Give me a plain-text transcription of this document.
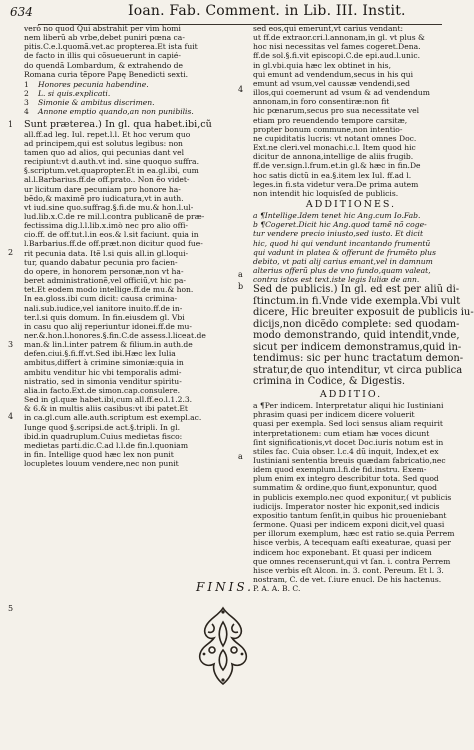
634	Ioan. Fab. Comment. in Lib. III. Instit.
verò no quod Qui abstrahit per vim homi
nem liberũ ab vrbe,debet puniri pœna ca-
pitis.C.e.l.quomã.vet.ac propterea.Et ista fuit
de facto in illis qui cõsueuerunt in capié-
do quendã Lombardum, & extrahendo de
Romana curia tẽpore Papę Benedicti sexti.
1 Honores pecunia habendine.
2 L. si quis.explicati.
3 Simonie & ambitus discrimen.
4 Annone emptio quando,an non punibilis.
Sunt præterea.) In gl. qua habet.ibi,cũ
all.ff.ad leg. Iul. repet.l.l. Et hoc verum quo
ad principem,qui est solutus legibus: non
tamen quo ad alios, qui pecunias dant vel
recipiunt:vt d.auth.vt ind. sine quoquo suffra.
§.scriptum.vet.quapropter.Et in ea.gl.ibi, cum
al.l.Barbarius.ff.de off.prato.. Non ẽo videt-
ur licitum dare pecuniam pro honore ha-
bẽdo,& maximẽ pro iudicatura,vt in auth.
vt iud.sine quo.suffrag.§.fi.de mu.& hon.l.ul-
lud.lib.x.C.de re mil.l.contra publicanẽ de præ-
fectissima dig.l.l.lib.x.imò nec pro alio offi-
cio.ff. de off.tut.l.in eos.& l.sit faciunt. quia in
l.Barbarius.ff.de off.præt.non dicitur quod fue-
rit pecunia data. Itẽ l.si quis all.in gl.loqui-
tur, quando dabatur pecunia pro facien-
do opere, in honorem personæ,non vt ha-
beret administrationẽ,vel officiũ,vt hic pa-
tet.Et eodem modo intellige.ff.de mu.& hon.
In ea.gloss.ibi cum dicit: causa crimina-
nali.sub.iudice,vel ianitore inuito.ff.de in-
ter.l.si quis domum. In fin.eiusdem gl. Vbi
in casu quo alij reperiuntur idonei.ff.de mu-
ner.&.hon.l.honores.§.fin.C.de assess.l.liceat.de
man.& lin.l.inter patrem & filium.in auth.de
defen.ciui.§.fi.ff.vt.Sed ibi.Hæc lex Iulia
ambitus,differt à crimine simoniæ:quia in
ambitu venditur hic vbi temporalis admi-
nistratio, sed in simonia venditur spiritu-
alia.in facto.Ext.de simon.cap.consulere.
Sed in gl.quæ habet.ibi,cum all.ff.eo.l.1.2.3.
& 6.& in multis aliis casibus:vt ibi patet.Et
in ca.gl.cum alle.auth.scriptum est exempl.ac.
Iunge quod §.scripsi.de act.§.tripli. In gl.
ibid.in quadruplum.Cuius medietas fisco:
medietas parti.dic.C.ad l.l.de fin.l.quoniam
in fin. Intellige quod hæc lex non punit
locupletes louum vendere,nec non punit
sed eos,qui emerunt,vt carius vendant:
ut ff.de extraor.cri.l.annonam,in gl. vt plus &
hoc nisi necessitas vel fames cogeret.Dena.
ff.de sol.§.fi.vit episcopi.C.de epi.aud.l.unic.
in gl.vbi.quia hæc lex obtinet in his,
qui emunt ad vendendum,secus in his qui
emunt ad vsum,vel caussæ vendendi,sed
illos,qui coemerunt ad vsum & ad vendendum
annonam,in foro consentiræ:non fit
hic pœnarum,secus pro sua necessitate vel
etiam pro reuendendo tempore carsitæ,
propter bonum commune,non intentio-
ne cupiditatis lucris: vt notant omnes Doc.
Ext.ne cleri.vel monachi.c.l. Item quod hic
dicitur de annona,intellige de aliis frugib.
ff.de ver.sign.l.frum.et.in gl.& hæc in fin.De
hoc satis dictũ in ea.§.item lex Iul. ff.ad l.
leges.in fi.sta videtur vera.De prima autem
non intendit hic loquisſed de publicis.
ADDITIONES.
a ¶Intellige.Idem tenet hic Ang.cum Io.Fab.
b ¶Cogeret.Dicit hic Ang.quod tamẽ nõ coge-
tur vendere precio iniusto,sed iusto. Et dicit
hic, quod hi qui vendunt incantando frumentũ
qui vadunt in platea & offerunt de frumẽto plus
debito, vt pati alij carius emant,vel in damnum
alterius offerũ plus de vno fundo,quam valeat,
contra istos est text.iste legis Iuliæ de ann.
Sed de publicis.) In gl. ed est per aliũ di-
ſtinctum.in fi.Vnde vide exempla.Vbi vult
dicere, Hic breuiter exposuit de publicis iu-
dicijs,non dicẽdo complete: sed quodam-
modo demonstrando, quid intendit,vnde,
sicut per indicem demonstramus,quid in-
tendimus: sic per hunc tractatum demon-
stratur,de quo intenditur, vt circa publica
crimina in Codice, & Digestis.
ADDITIO.
a ¶Per indicem. Interpretatur aliqui hic Iustiniani
phrasim quasi per indicem dicere voluerit
quasi per exempla. Sed loci sensus aliam requirit
interpretationem: cum etiam hæ voces dicunt
ſint significationis,vt docet Doc.iuris notum est in
stiles fac. Cuia obser. l.c.4 dũ inquit, Index,et ex
Iustiniani sententia breuis quædam fabricatio,nec
idem quod exemplum.l.fi.de fid.instru. Exem-
plum enim ex integro describitur tota. Sed quod
summatim & ordine,quo fiunt,exponuntur, quod
in publicis exemplo.nec quod exponitur,( vt publicis
iudicijs. Imperator noster hic exponit,sed indicis
expositio tantum ſenſit,in quibus hic proueniebant
ſermone. Quasi per indicem exponi dicit,vel quasi
per illorum exemplum, hæc est ratio se.quia Perrem
hisce verbis, A tecequam eaſti exeaturae, quasi per
indicem hoc exponebant. Et quasi per indicem
que omnes recenserunt,qui vt ſan. i. contra Perrem
hisce verbis eſt Alcon. in. 3. cont. Pereum. Et l. 3.
nostram, C. de vet. ſ.iure enucl. De his hactenus.
P. A. A. B. C.
1
2
3
4
5
a
b
4
a
FINIS.
